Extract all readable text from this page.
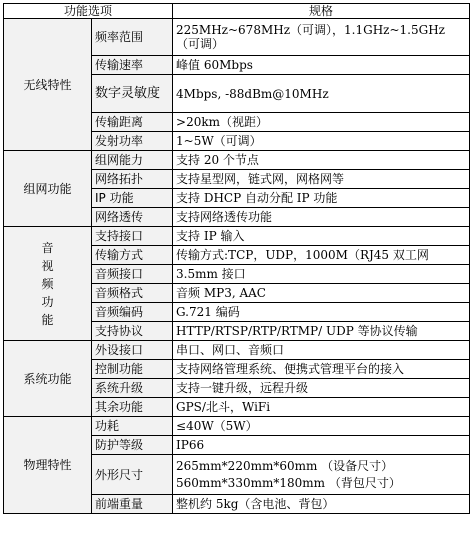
功能选项		规格
无线特性	频率范围	225MHz~678MHz（可调），1.1GHz~1.5GHz（可调）
	传输速率	峰值 60Mbps
	数字灵敏度	4Mbps, -88dBm@10MHz
	传输距离	>20km（视距）
	发射功率	1~5W（可调）
组网功能	组网能力	支持 20 个节点
	网络拓扑	支持星型网，链式网，网格网等
	IP 功能	支持 DHCP 自动分配 IP 功能
	网络透传	支持网络透传功能

音视频功能	支持接口	支持 IP 输入
	传输方式	传输方式:TCP，UDP，1000M（RJ45 双工网
	音频接口	3.5mm 接口
	音频格式	音频 MP3, AAC
	音频编码	G.721 编码
	支持协议	HTTP/RTSP/RTP/RTMP/ UDP 等协议传输
系统功能	外设接口	串口、网口、音频口
	控制功能	支持网络管理系统、便携式管理平台的接入
	系统升级	支持一键升级，远程升级
	其余功能	GPS/北斗，WiFi
物理特性	功耗	≤40W（5W）
	防护等级	IP66
	外形尺寸	265mm*220mm*60mm （设备尺寸）
560mm*330mm*180mm （背包尺寸）

	前端重量	整机约 5kg（含电池、背包）
